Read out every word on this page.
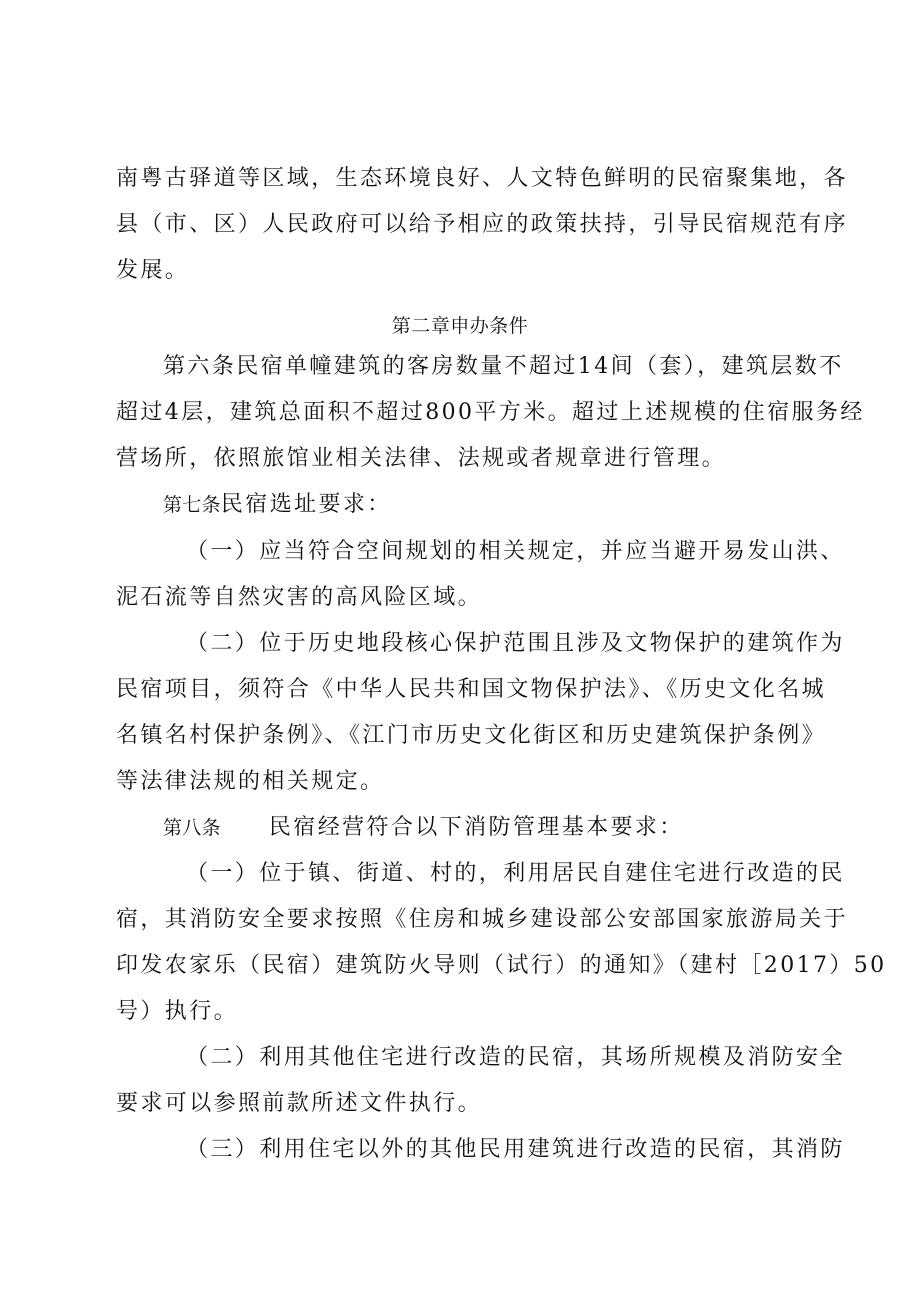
南粤古驿道等区域，生态环境良好、人文特色鲜明的民宿聚集地，各
县（市、区）人民政府可以给予相应的政策扶持，引导民宿规范有序
发展。
第二章申办条件
第六条民宿单幢建筑的客房数量不超过14间（套），建筑层数不
超过4层，建筑总面积不超过800平方米。超过上述规模的住宿服务经
营场所，依照旅馆业相关法律、法规或者规章进行管理。
第七条民宿选址要求：
（一）应当符合空间规划的相关规定，并应当避开易发山洪、
泥石流等自然灾害的高风险区域。
（二）位于历史地段核心保护范围且涉及文物保护的建筑作为
民宿项目，须符合《中华人民共和国文物保护法》、《历史文化名城
名镇名村保护条例》、《江门市历史文化街区和历史建筑保护条例》
等法律法规的相关规定。
第八条 民宿经营符合以下消防管理基本要求：
（一）位于镇、街道、村的，利用居民自建住宅进行改造的民
宿，其消防安全要求按照《住房和城乡建设部公安部国家旅游局关于
印发农家乐（民宿）建筑防火导则（试行）的通知》（建村［2017）50
号）执行。
（二）利用其他住宅进行改造的民宿，其场所规模及消防安全
要求可以参照前款所述文件执行。
（三）利用住宅以外的其他民用建筑进行改造的民宿，其消防
